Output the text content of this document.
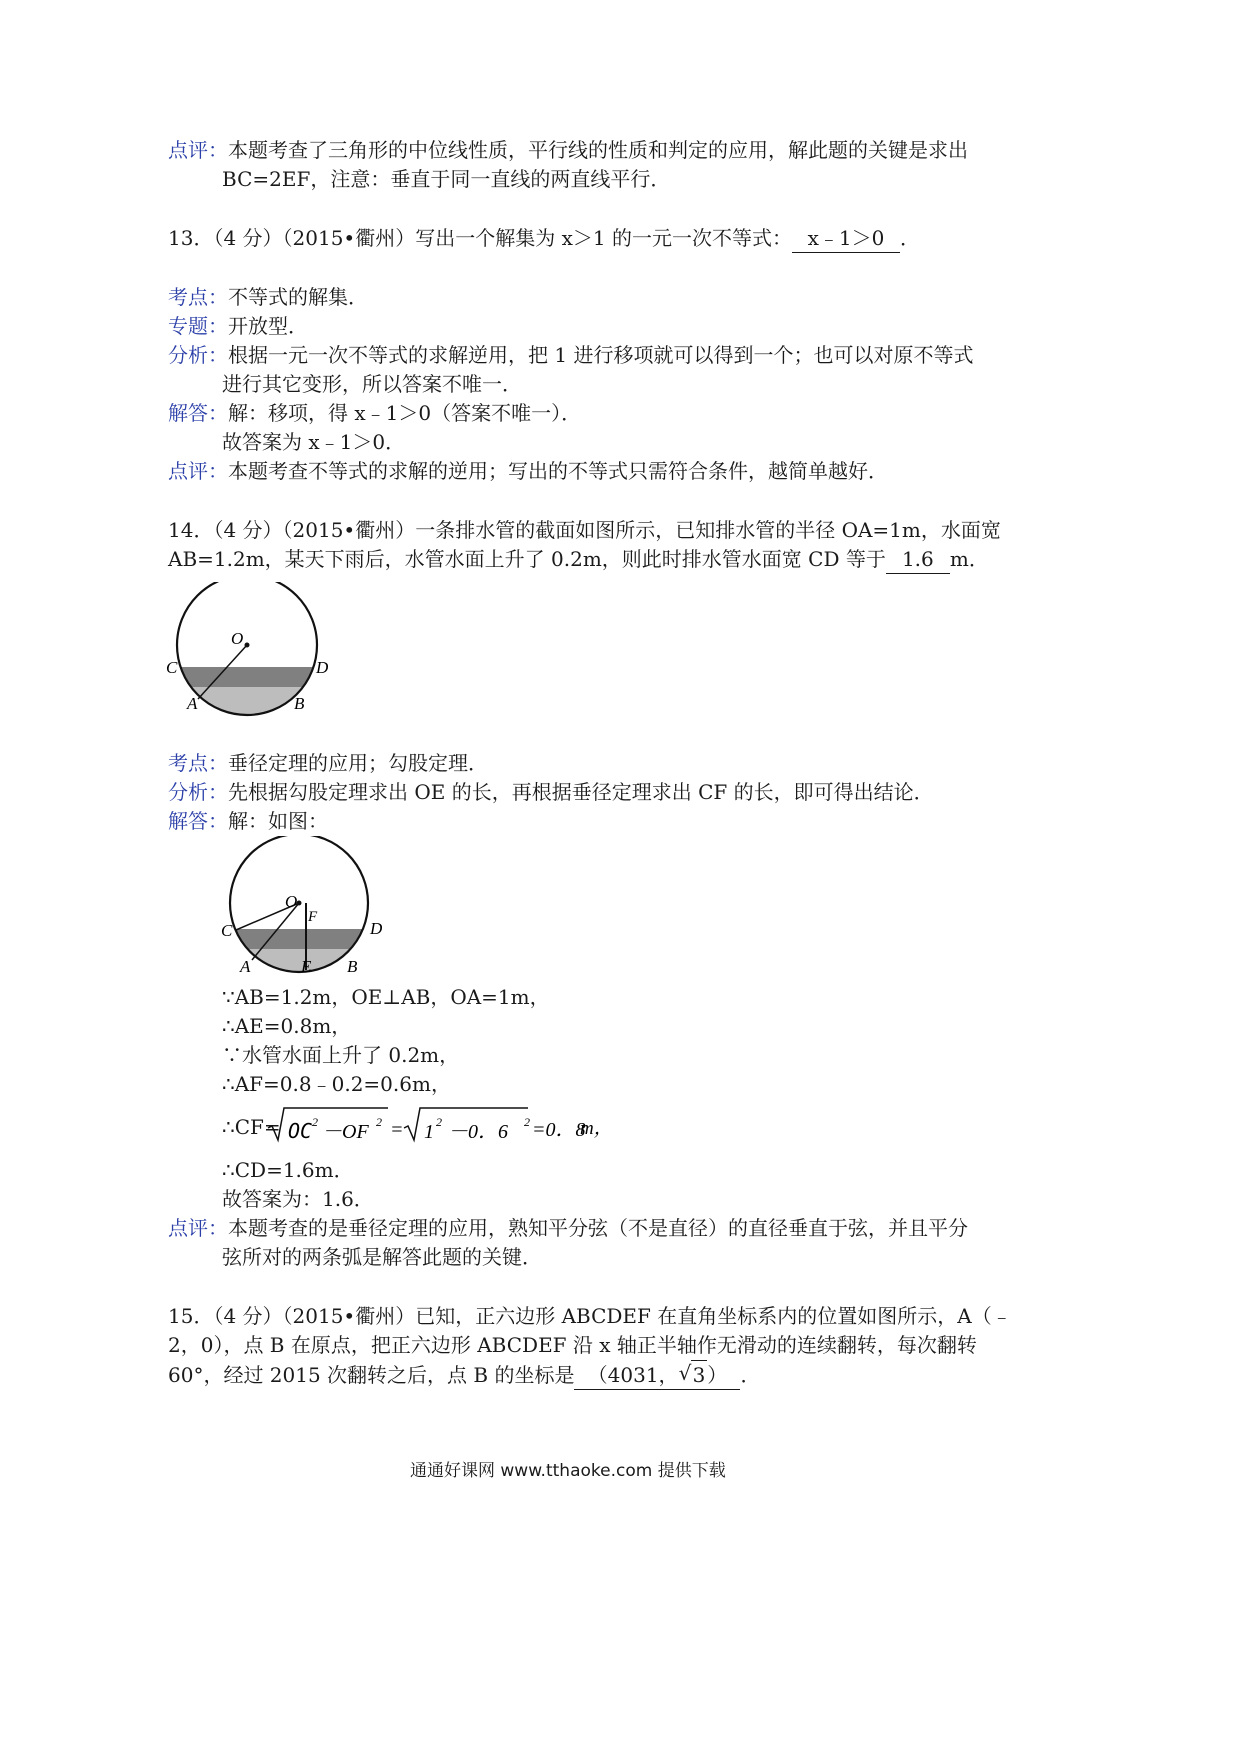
点评：本题考查了三角形的中位线性质，平行线的性质和判定的应用，解此题的关键是求出
BC=2EF，注意：垂直于同一直线的两直线平行．
13．（4 分）（2015•衢州）写出一个解集为 x＞1 的一元一次不等式： x﹣1＞0 ．
考点：不等式的解集．
专题：开放型．
分析：根据一元一次不等式的求解逆用，把 1 进行移项就可以得到一个；也可以对原不等式
进行其它变形，所以答案不唯一．
解答：解：移项，得 x﹣1＞0（答案不唯一）．
故答案为 x﹣1＞0．
点评：本题考查不等式的求解的逆用；写出的不等式只需符合条件，越简单越好．
14．（4 分）（2015•衢州）一条排水管的截面如图所示，已知排水管的半径 OA=1m，水面宽
AB=1.2m，某天下雨后，水管水面上升了 0.2m，则此时排水管水面宽 CD 等于 1.6 m．
O
C	D
A	B
考点：垂径定理的应用；勾股定理．
分析：先根据勾股定理求出 OE 的长，再根据垂径定理求出 CF 的长，即可得出结论．
解答：解：如图：
O
F
C	D
A	E B
∵AB=1.2m，OE⊥AB，OA=1m，
∴AE=0.8m，
∵水管水面上升了 0.2m，
∴AF=0.8﹣0.2=0.6m，
∴CF= OC 2 －OF 2 = 1 2 －0．6 2 =0．8
m，
∴CD=1.6m．
故答案为：1.6．
点评：本题考查的是垂径定理的应用，熟知平分弦（不是直径）的直径垂直于弦，并且平分
弦所对的两条弧是解答此题的关键．
15．（4 分）（2015•衢州）已知，正六边形 ABCDEF 在直角坐标系内的位置如图所示，A（﹣
2，0），点 B 在原点，把正六边形 ABCDEF 沿 x 轴正半轴作无滑动的连续翻转，每次翻转
60°，经过 2015 次翻转之后，点 B 的坐标是 （4031， √ 3 ） ．
通通好课网 www.tthaoke.com 提供下载
